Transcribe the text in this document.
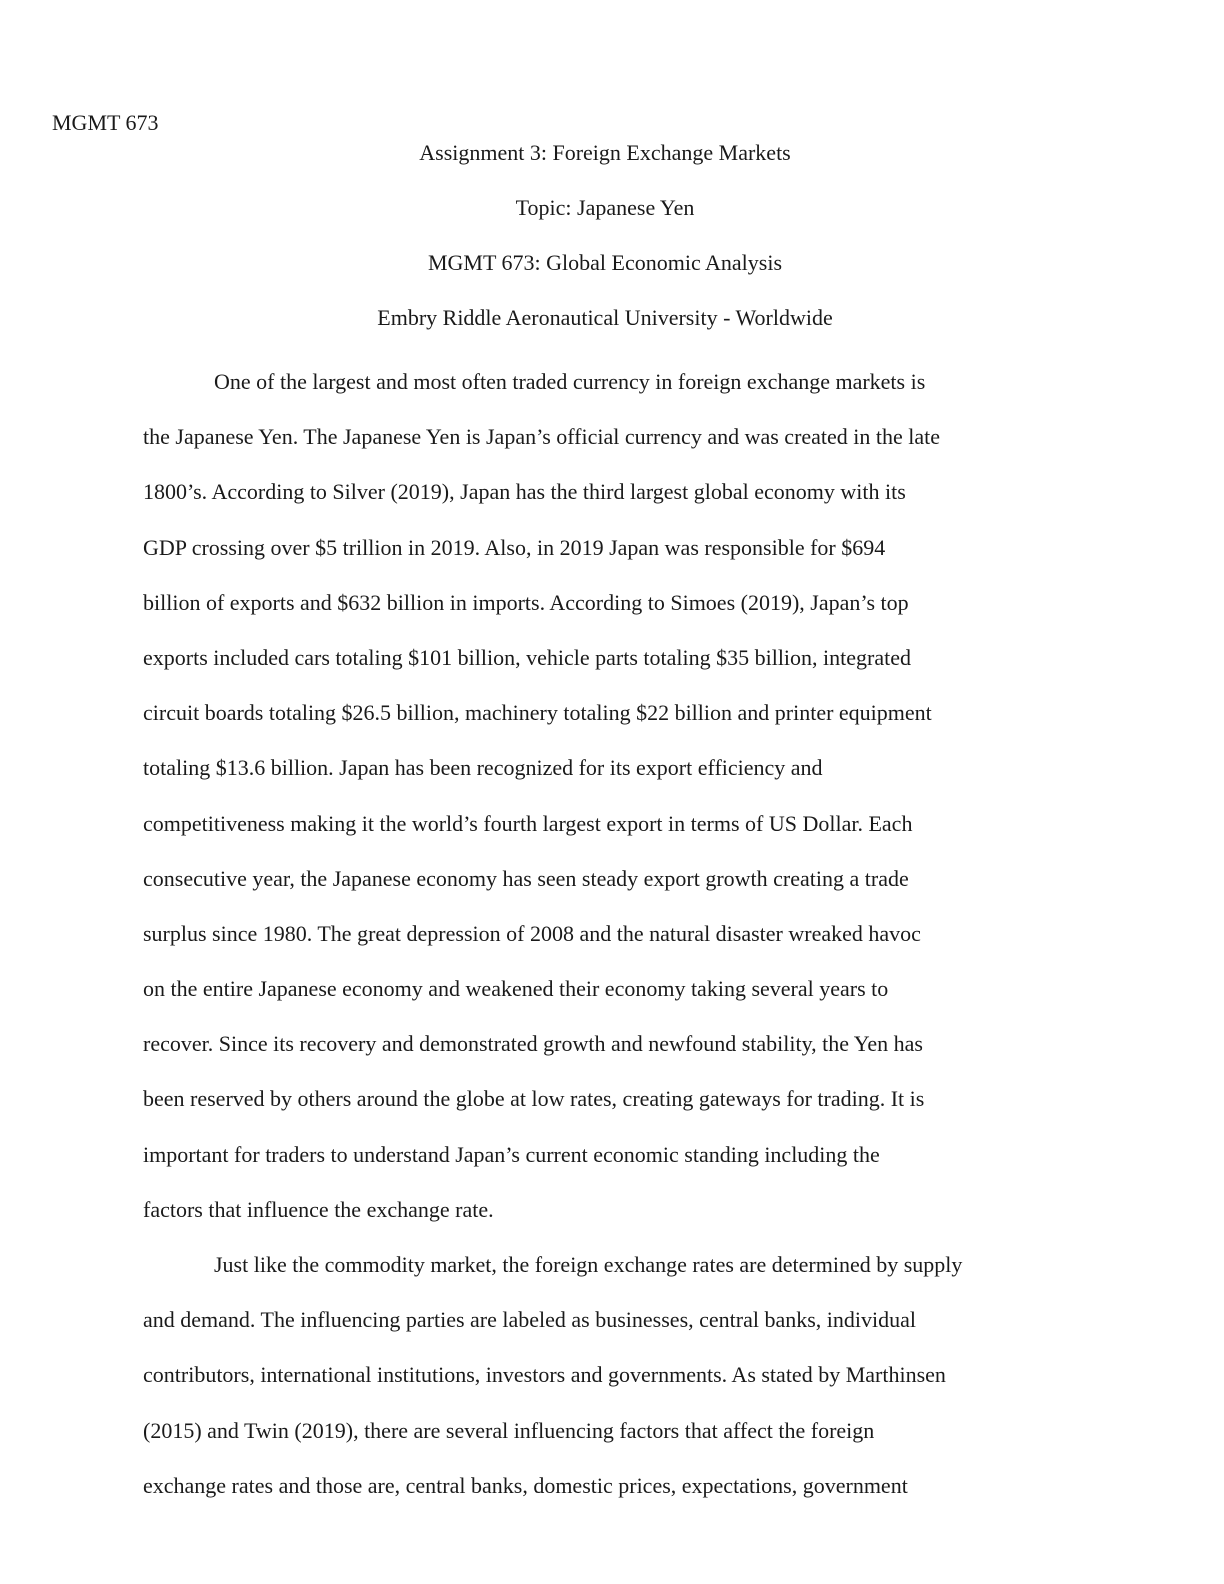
MGMT 673

Assignment 3: Foreign Exchange Markets

Topic: Japanese Yen

MGMT 673: Global Economic Analysis

Embry Riddle Aeronautical University - Worldwide

One of the largest and most often traded currency in foreign exchange markets is
the Japanese Yen. The Japanese Yen is Japan’s official currency and was created in the late
1800’s. According to Silver (2019), Japan has the third largest global economy with its
GDP crossing over $5 trillion in 2019. Also, in 2019 Japan was responsible for $694
billion of exports and $632 billion in imports. According to Simoes (2019), Japan’s top
exports included cars totaling $101 billion, vehicle parts totaling $35 billion, integrated
circuit boards totaling $26.5 billion, machinery totaling $22 billion and printer equipment
totaling $13.6 billion. Japan has been recognized for its export efficiency and
competitiveness making it the world’s fourth largest export in terms of US Dollar. Each
consecutive year, the Japanese economy has seen steady export growth creating a trade
surplus since 1980. The great depression of 2008 and the natural disaster wreaked havoc
on the entire Japanese economy and weakened their economy taking several years to
recover. Since its recovery and demonstrated growth and newfound stability, the Yen has
been reserved by others around the globe at low rates, creating gateways for trading. It is
important for traders to understand Japan’s current economic standing including the
factors that influence the exchange rate.
Just like the commodity market, the foreign exchange rates are determined by supply
and demand. The influencing parties are labeled as businesses, central banks, individual
contributors, international institutions, investors and governments. As stated by Marthinsen
(2015) and Twin (2019), there are several influencing factors that affect the foreign
exchange rates and those are, central banks, domestic prices, expectations, government
